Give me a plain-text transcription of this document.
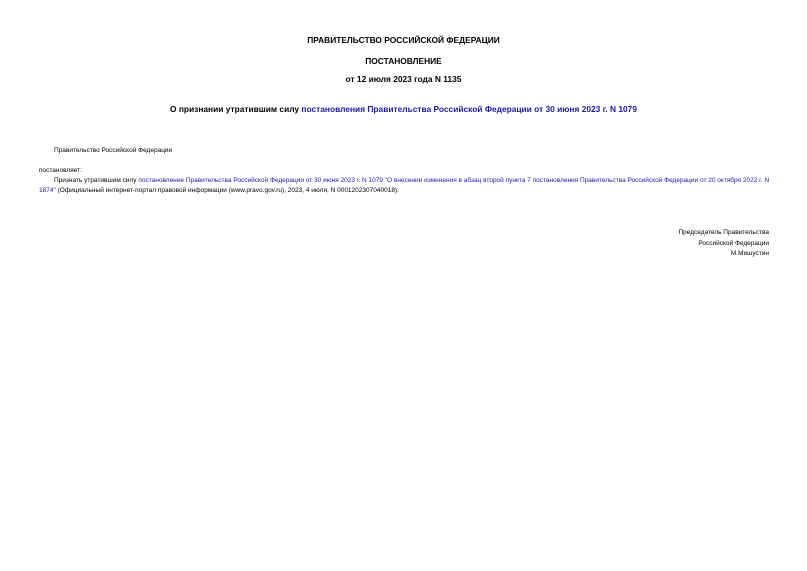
ПРАВИТЕЛЬСТВО РОССИЙСКОЙ ФЕДЕРАЦИИ
ПОСТАНОВЛЕНИЕ
от 12 июля 2023 года N 1135
О признании утратившим силу постановления Правительства Российской Федерации от 30 июня 2023 г. N 1079
Правительство Российской Федерации
постановляет:
Признать утратившим силу постановление Правительства Российской Федерации от 30 июня 2023 г. N 1079 "О внесении изменения в абзац второй пункта 7 постановления Правительства Российской Федерации от 20 октября 2022 г. N 1874" (Официальный интернет-портал правовой информации (www.pravo.gov.ru), 2023, 4 июля, N 0001202307040018).
Председатель Правительства
Российской Федерации
М.Мишустин
